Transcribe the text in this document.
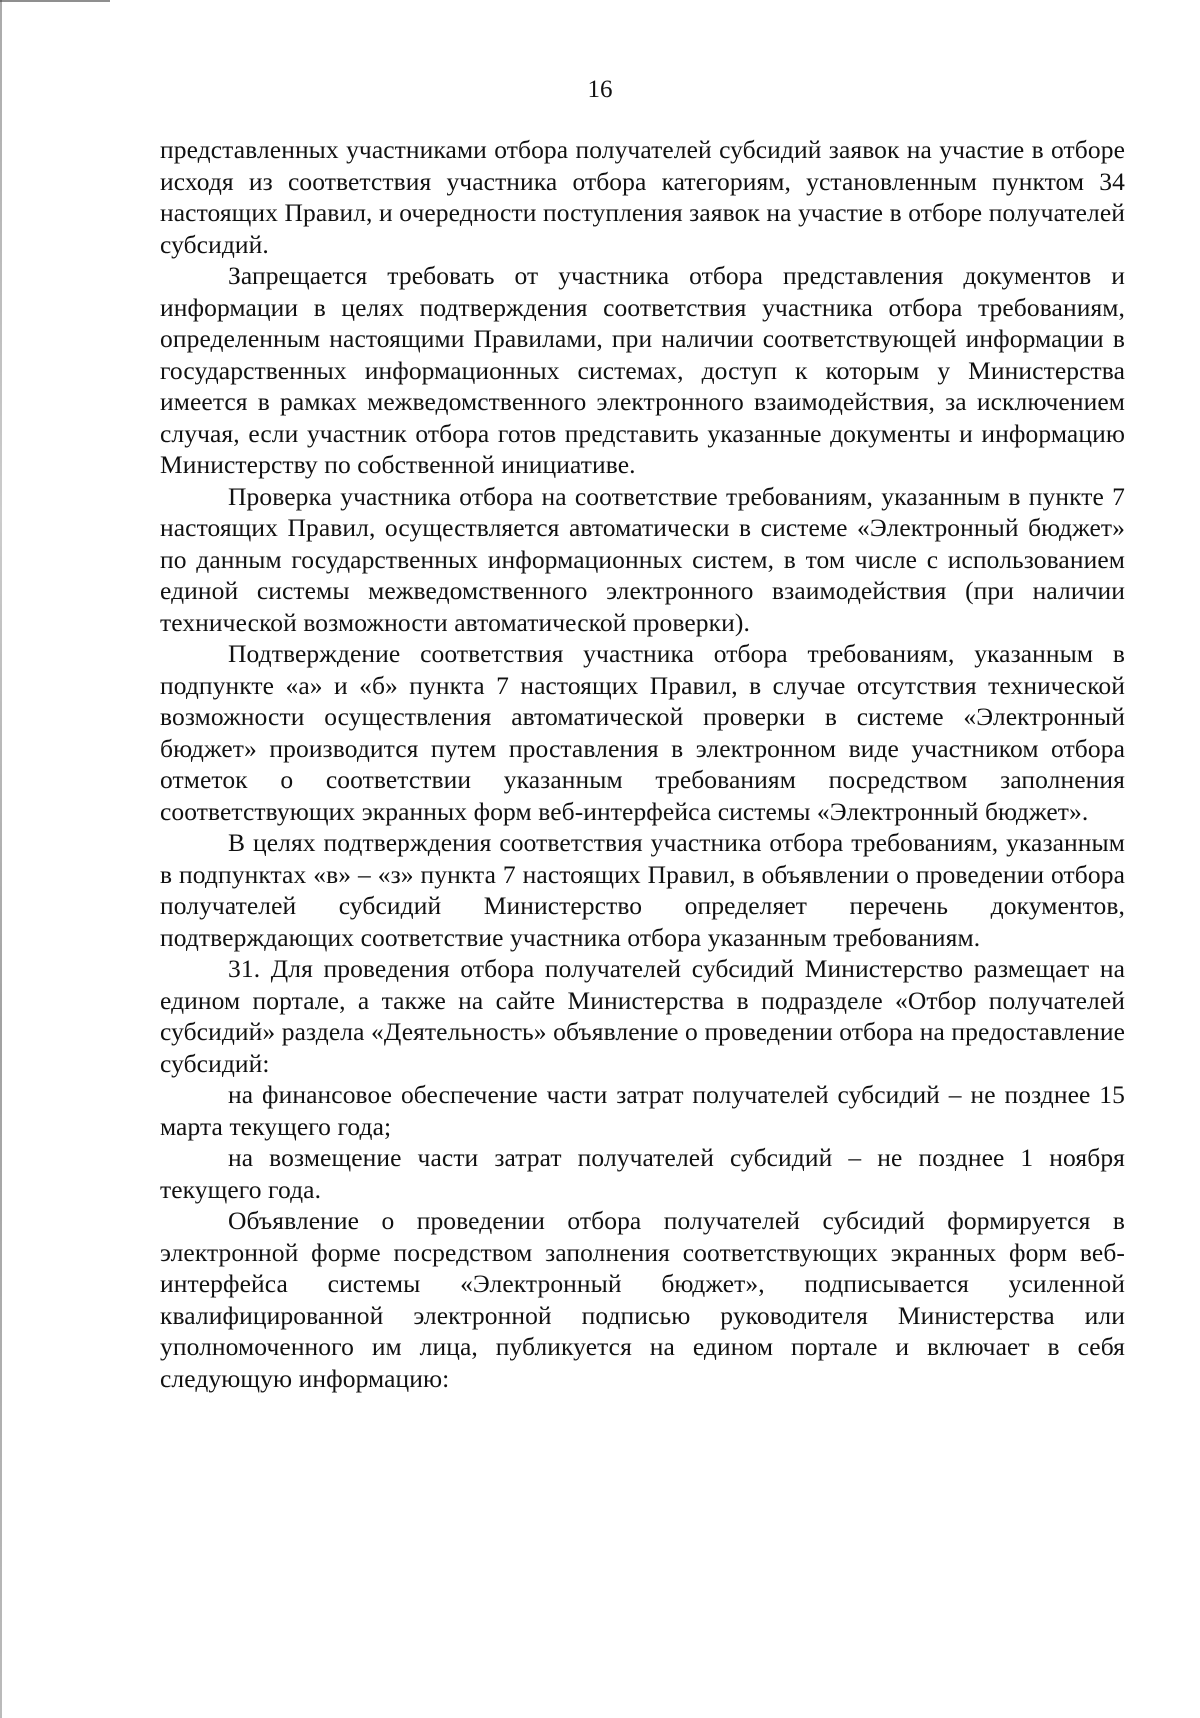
16

представленных участниками отбора получателей субсидий заявок на участие в отборе исходя из соответствия участника отбора категориям, установленным пунктом 34 настоящих Правил, и очередности поступления заявок на участие в отборе получателей субсидий.

Запрещается требовать от участника отбора представления документов и информации в целях подтверждения соответствия участника отбора требованиям, определенным настоящими Правилами, при наличии соответствующей информации в государственных информационных системах, доступ к которым у Министерства имеется в рамках межведомственного электронного взаимодействия, за исключением случая, если участник отбора готов представить указанные документы и информацию Министерству по собственной инициативе.

Проверка участника отбора на соответствие требованиям, указанным в пункте 7 настоящих Правил, осуществляется автоматически в системе «Электронный бюджет» по данным государственных информационных систем, в том числе с использованием единой системы межведомственного электронного взаимодействия (при наличии технической возможности автоматической проверки).

Подтверждение соответствия участника отбора требованиям, указанным в подпункте «а» и «б» пункта 7 настоящих Правил, в случае отсутствия технической возможности осуществления автоматической проверки в системе «Электронный бюджет» производится путем проставления в электронном виде участником отбора отметок о соответствии указанным требованиям посредством заполнения соответствующих экранных форм веб-интерфейса системы «Электронный бюджет».

В целях подтверждения соответствия участника отбора требованиям, указанным в подпунктах «в» – «з» пункта 7 настоящих Правил, в объявлении о проведении отбора получателей субсидий Министерство определяет перечень документов, подтверждающих соответствие участника отбора указанным требованиям.

31. Для проведения отбора получателей субсидий Министерство размещает на едином портале, а также на сайте Министерства в подразделе «Отбор получателей субсидий» раздела «Деятельность» объявление о проведении отбора на предоставление субсидий:

на финансовое обеспечение части затрат получателей субсидий – не позднее 15 марта текущего года;

на возмещение части затрат получателей субсидий – не позднее 1 ноября текущего года.

Объявление о проведении отбора получателей субсидий формируется в электронной форме посредством заполнения соответствующих экранных форм веб-интерфейса системы «Электронный бюджет», подписывается усиленной квалифицированной электронной подписью руководителя Министерства или уполномоченного им лица, публикуется на едином портале и включает в себя следующую информацию:
